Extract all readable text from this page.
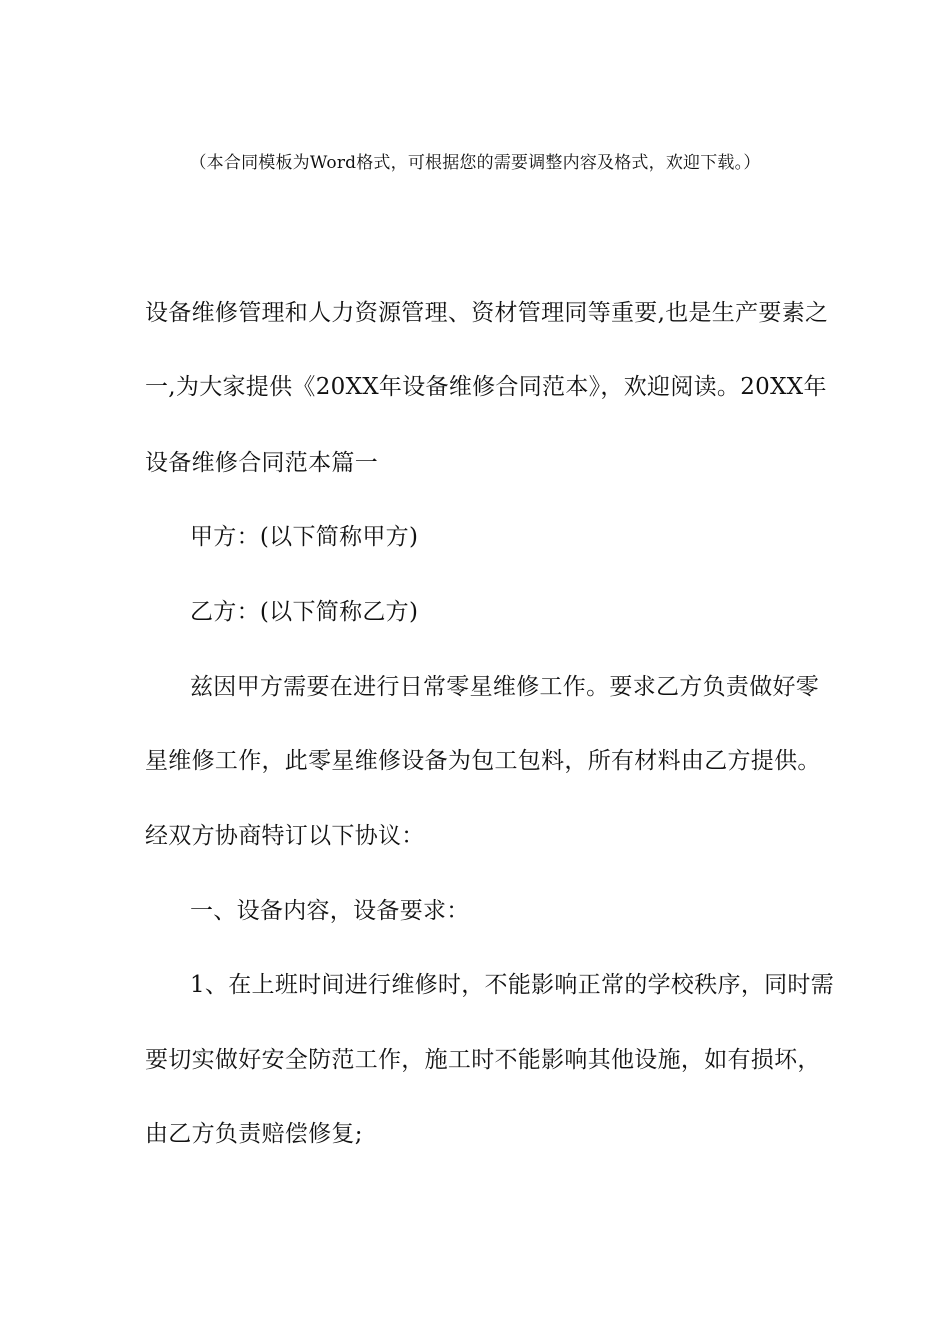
（本合同模板为Word格式，可根据您的需要调整内容及格式，欢迎下载。）
设备维修管理和人力资源管理、资材管理同等重要,也是生产要素之
一,为大家提供《20XX年设备维修合同范本》，欢迎阅读。20XX年
设备维修合同范本篇一
甲方：(以下简称甲方)
乙方：(以下简称乙方)
兹因甲方需要在进行日常零星维修工作。要求乙方负责做好零
星维修工作，此零星维修设备为包工包料，所有材料由乙方提供。
经双方协商特订以下协议：
一、设备内容，设备要求：
1、在上班时间进行维修时，不能影响正常的学校秩序，同时需
要切实做好安全防范工作，施工时不能影响其他设施，如有损坏，
由乙方负责赔偿修复;
